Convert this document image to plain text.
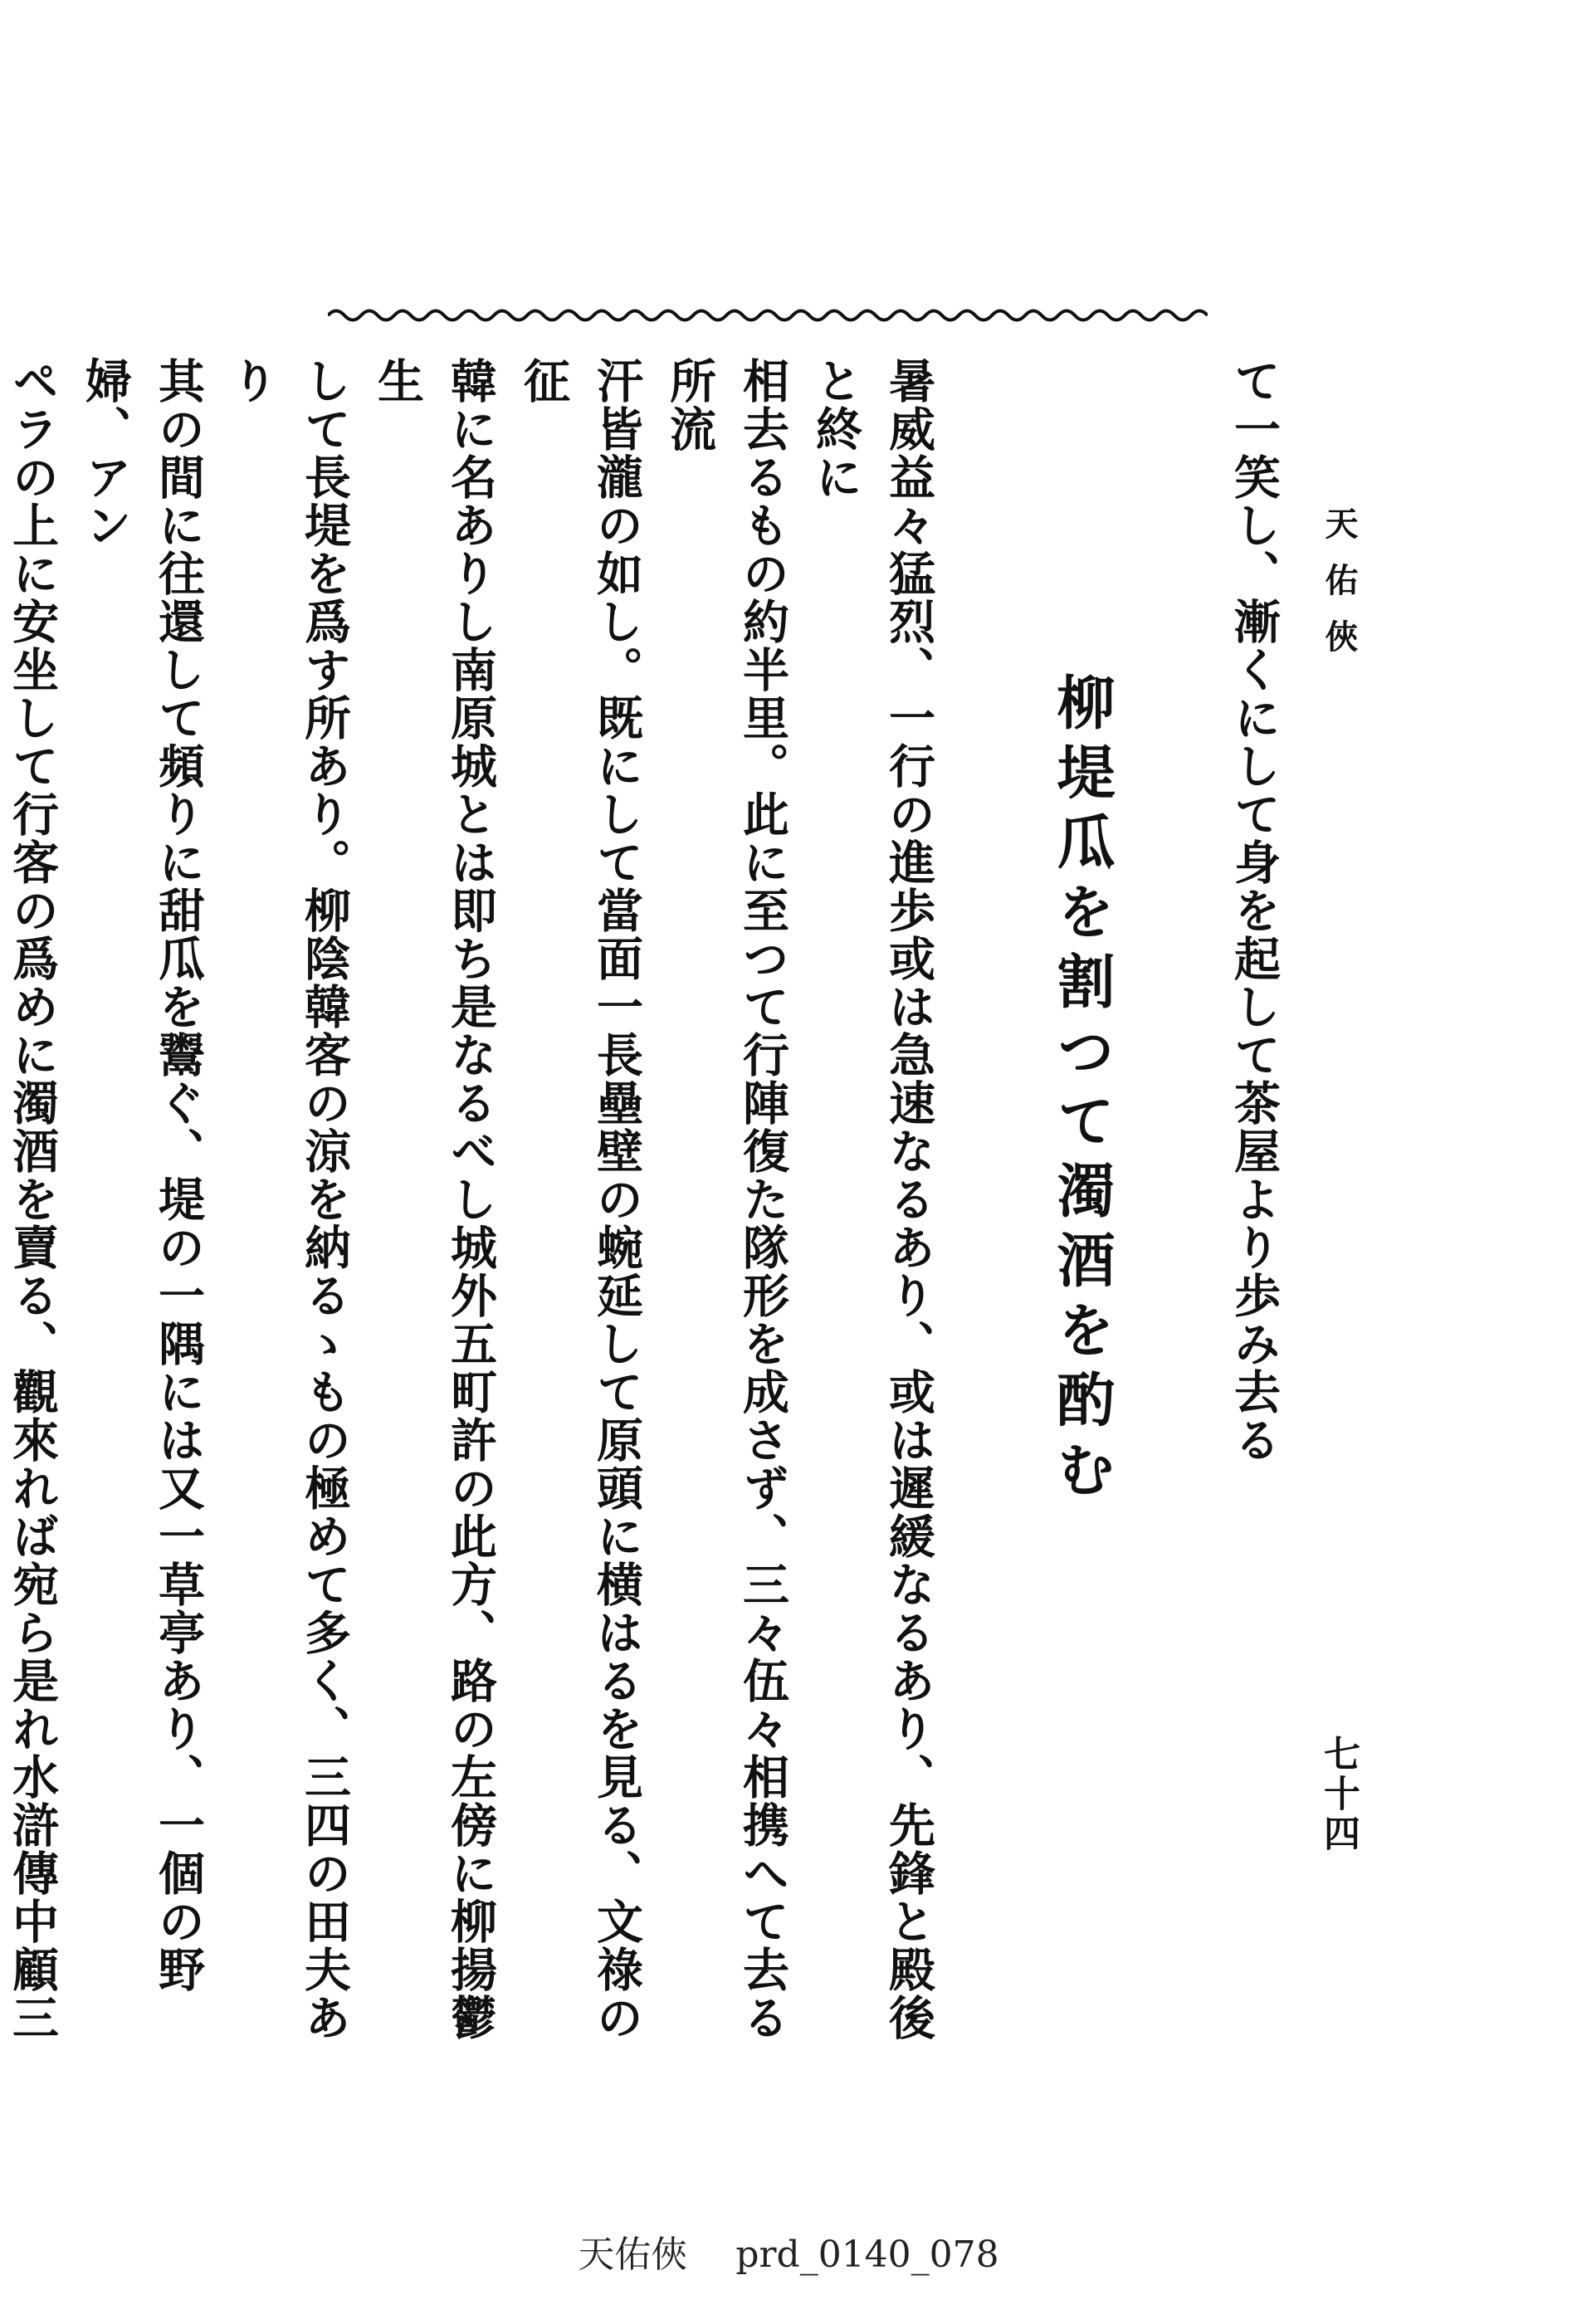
天佑俠
七十四

て一笑し、漸くにして身を起して茶屋より歩み去る

柳堤瓜を割つて濁酒を酌む

暑威益々猛烈、一行の進歩或は急速なるあり、或は遲緩なるあり、先鋒と殿後と終に

相去るもの約半里。此に至つて行陣復た隊形を成さず、三々伍々相携へて去る所流

汗皆瀧の如し。既にして當面一長壘壁の蜿延して原頭に横はるを見る、文祿の征

韓に名ありし南原城とは即ち是なるべし城外五町許の此方、路の左傍に柳揚鬱生

して長堤を爲す所あり。柳陰韓客の涼を納るゝもの極めて多く、三四の田夫あり

其の間に往還して頻りに甜瓜を鬻ぐ、堤の一隅には又一草亭あり、一個の野婦、アン

ペラの上に安坐して行客の爲めに濁酒を賣る、觀來れば宛ら是れ水滸傳中顧三

天佑俠 prd_0140_078
